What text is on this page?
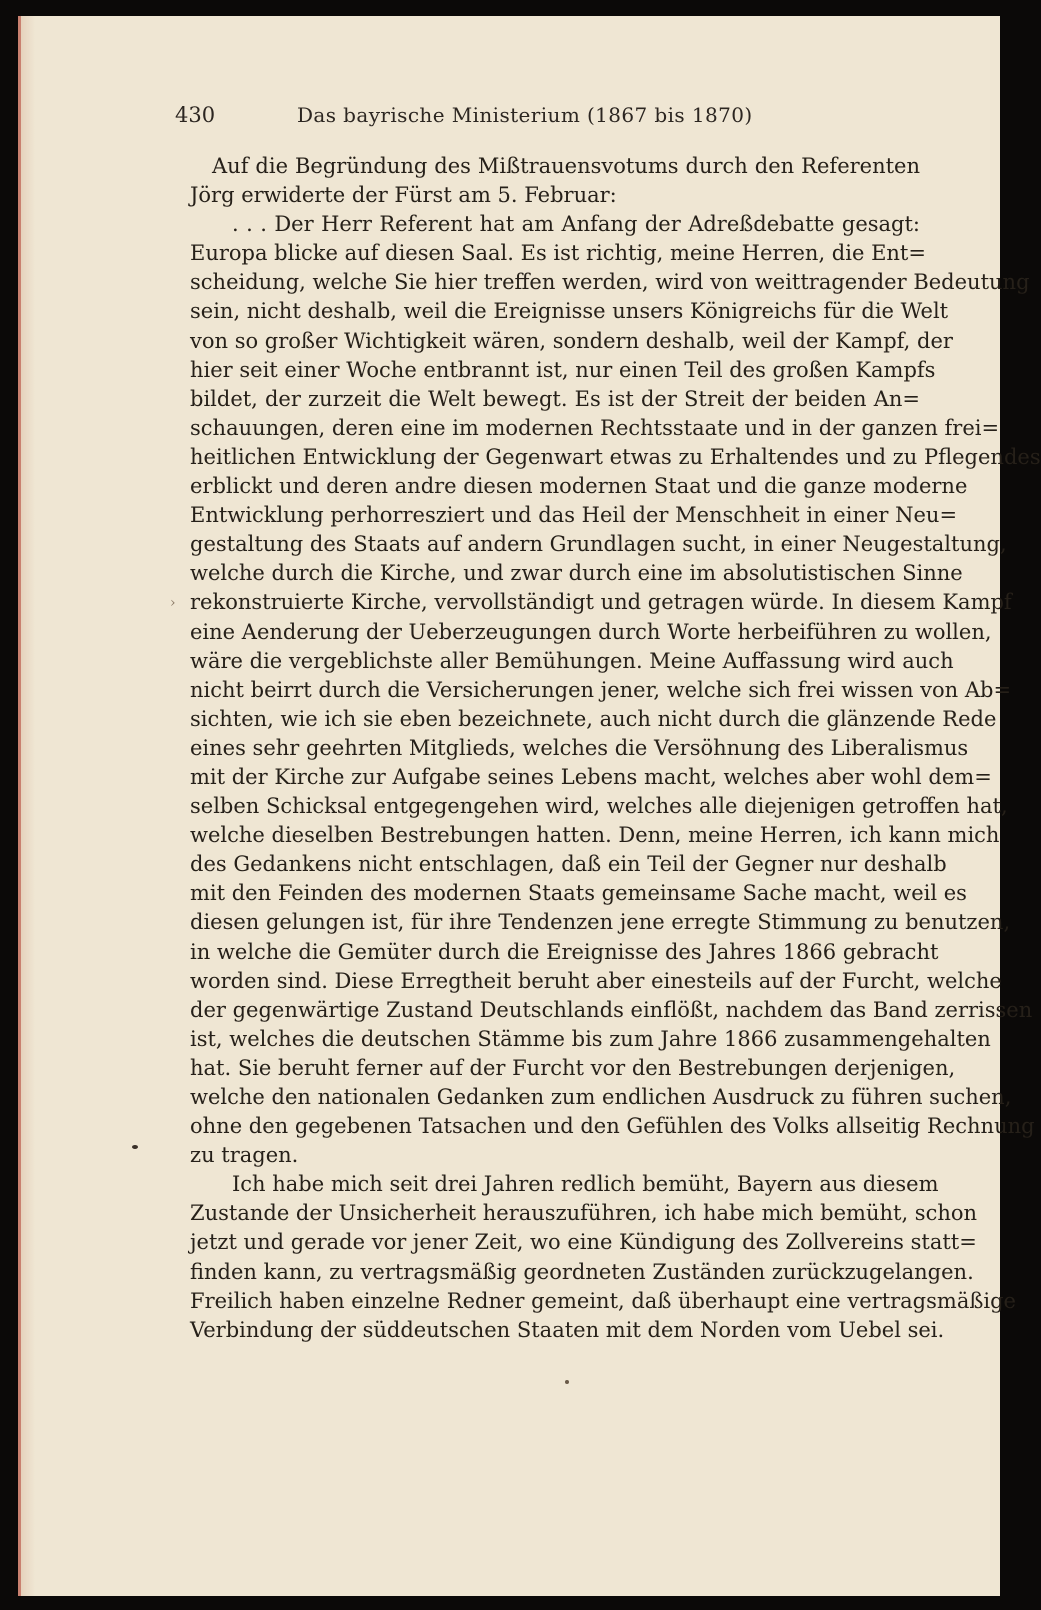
430	Das bayrische Ministerium (1867 bis 1870)
Auf die Begründung des Mißtrauensvotums durch den Referenten
Jörg erwiderte der Fürst am 5. Februar:
. . . Der Herr Referent hat am Anfang der Adreßdebatte gesagt:
Europa blicke auf diesen Saal. Es ist richtig, meine Herren, die Ent=
scheidung, welche Sie hier treffen werden, wird von weittragender Bedeutung
sein, nicht deshalb, weil die Ereignisse unsers Königreichs für die Welt
von so großer Wichtigkeit wären, sondern deshalb, weil der Kampf, der
hier seit einer Woche entbrannt ist, nur einen Teil des großen Kampfs
bildet, der zurzeit die Welt bewegt. Es ist der Streit der beiden An=
schauungen, deren eine im modernen Rechtsstaate und in der ganzen frei=
heitlichen Entwicklung der Gegenwart etwas zu Erhaltendes und zu Pflegendes
erblickt und deren andre diesen modernen Staat und die ganze moderne
Entwicklung perhorresziert und das Heil der Menschheit in einer Neu=
gestaltung des Staats auf andern Grundlagen sucht, in einer Neugestaltung,
welche durch die Kirche, und zwar durch eine im absolutistischen Sinne
rekonstruierte Kirche, vervollständigt und getragen würde. In diesem Kampf
eine Aenderung der Ueberzeugungen durch Worte herbeiführen zu wollen,
wäre die vergeblichste aller Bemühungen. Meine Auffassung wird auch
nicht beirrt durch die Versicherungen jener, welche sich frei wissen von Ab=
sichten, wie ich sie eben bezeichnete, auch nicht durch die glänzende Rede
eines sehr geehrten Mitglieds, welches die Versöhnung des Liberalismus
mit der Kirche zur Aufgabe seines Lebens macht, welches aber wohl dem=
selben Schicksal entgegengehen wird, welches alle diejenigen getroffen hat,
welche dieselben Bestrebungen hatten. Denn, meine Herren, ich kann mich
des Gedankens nicht entschlagen, daß ein Teil der Gegner nur deshalb
mit den Feinden des modernen Staats gemeinsame Sache macht, weil es
diesen gelungen ist, für ihre Tendenzen jene erregte Stimmung zu benutzen,
in welche die Gemüter durch die Ereignisse des Jahres 1866 gebracht
worden sind. Diese Erregtheit beruht aber einesteils auf der Furcht, welche
der gegenwärtige Zustand Deutschlands einflößt, nachdem das Band zerrissen
ist, welches die deutschen Stämme bis zum Jahre 1866 zusammengehalten
hat. Sie beruht ferner auf der Furcht vor den Bestrebungen derjenigen,
welche den nationalen Gedanken zum endlichen Ausdruck zu führen suchen,
ohne den gegebenen Tatsachen und den Gefühlen des Volks allseitig Rechnung
zu tragen.
Ich habe mich seit drei Jahren redlich bemüht, Bayern aus diesem
Zustande der Unsicherheit herauszuführen, ich habe mich bemüht, schon
jetzt und gerade vor jener Zeit, wo eine Kündigung des Zollvereins statt=
finden kann, zu vertragsmäßig geordneten Zuständen zurückzugelangen.
Freilich haben einzelne Redner gemeint, daß überhaupt eine vertragsmäßige
Verbindung der süddeutschen Staaten mit dem Norden vom Uebel sei.
›
